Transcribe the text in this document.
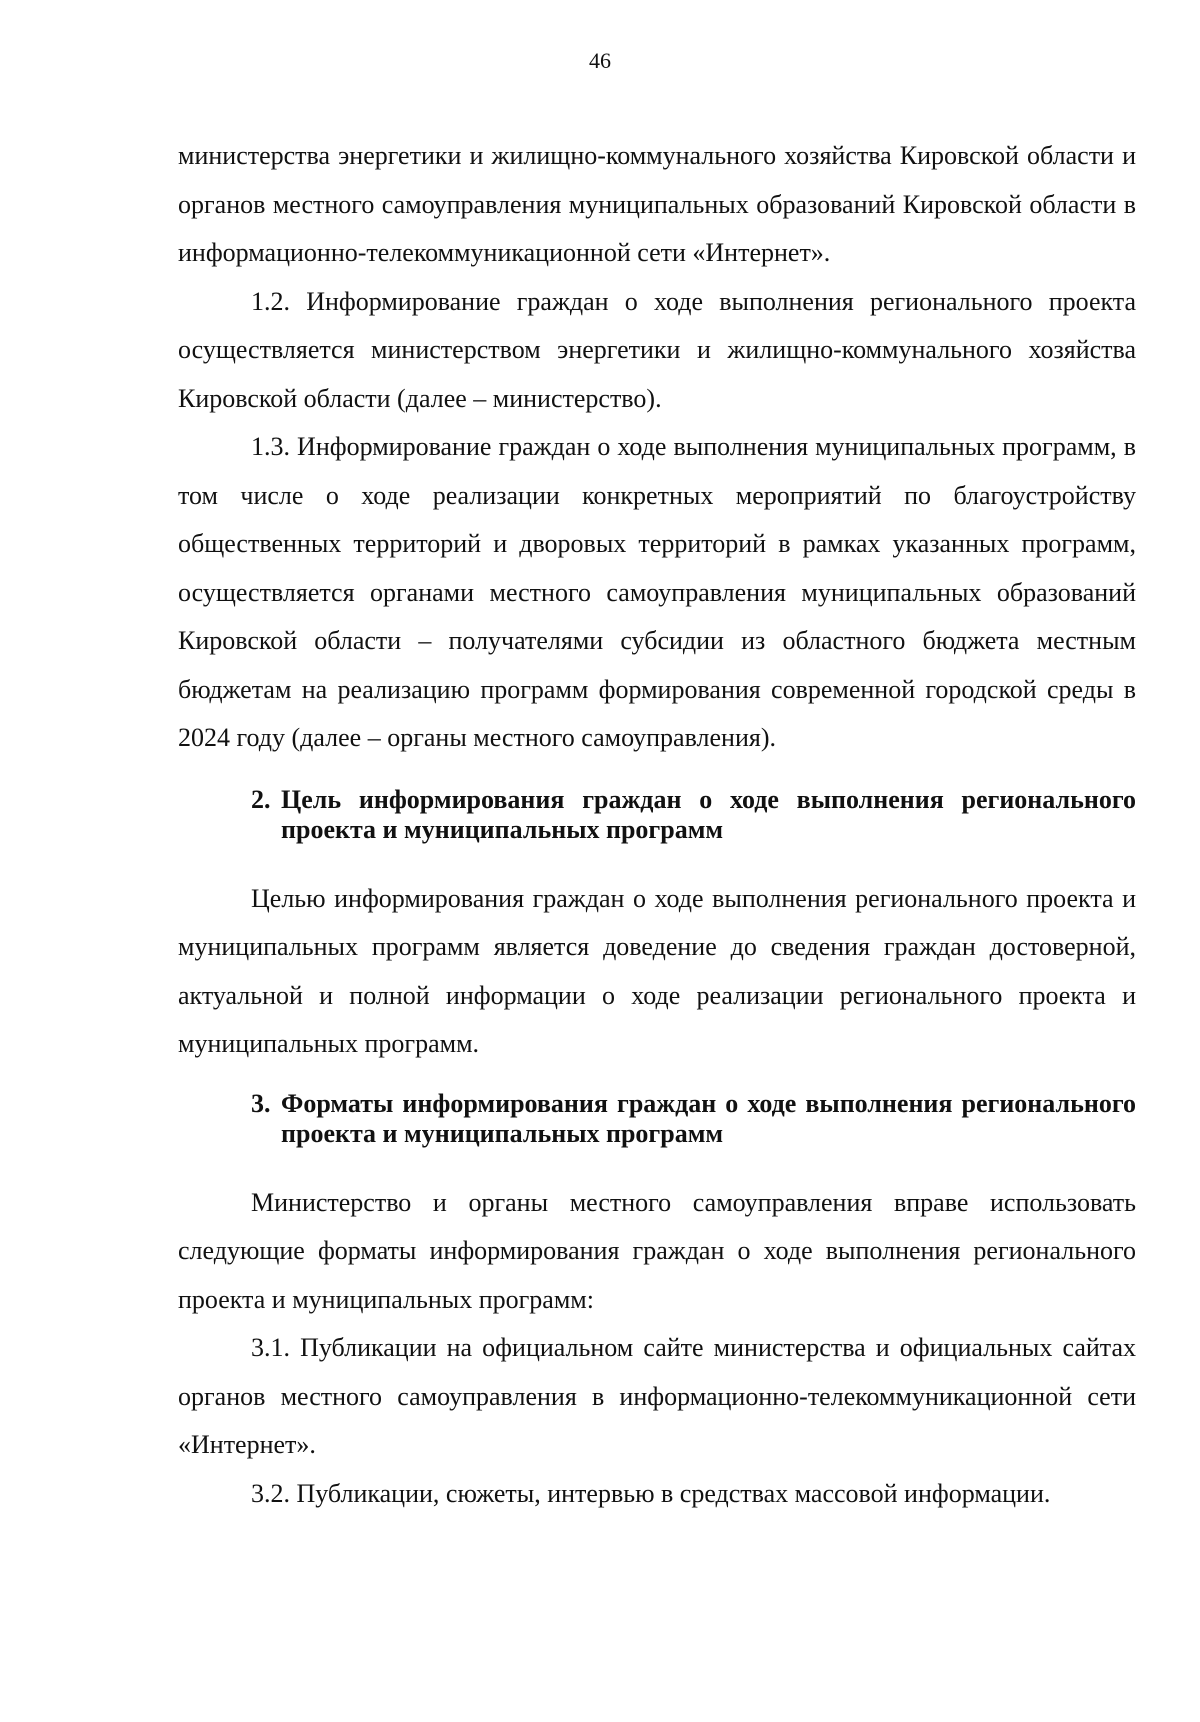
46

министерства энергетики и жилищно-коммунального хозяйства Кировской области и органов местного самоуправления муниципальных образований Кировской области в информационно-телекоммуникационной сети «Интернет».

1.2. Информирование граждан о ходе выполнения регионального проекта осуществляется министерством энергетики и жилищно-коммунального хозяйства Кировской области (далее – министерство).

1.3. Информирование граждан о ходе выполнения муниципальных программ, в том числе о ходе реализации конкретных мероприятий по благоустройству общественных территорий и дворовых территорий в рамках указанных программ, осуществляется органами местного самоуправления муниципальных образований Кировской области – получателями субсидии из областного бюджета местным бюджетам на реализацию программ формирования современной городской среды в 2024 году (далее – органы местного самоуправления).

2. Цель информирования граждан о ходе выполнения регионального проекта и муниципальных программ

Целью информирования граждан о ходе выполнения регионального проекта и муниципальных программ является доведение до сведения граждан достоверной, актуальной и полной информации о ходе реализации регионального проекта и муниципальных программ.

3. Форматы информирования граждан о ходе выполнения регионального проекта и муниципальных программ

Министерство и органы местного самоуправления вправе использовать следующие форматы информирования граждан о ходе выполнения регионального проекта и муниципальных программ:

3.1. Публикации на официальном сайте министерства и официальных сайтах органов местного самоуправления в информационно-телекоммуникационной сети «Интернет».

3.2. Публикации, сюжеты, интервью в средствах массовой информации.
